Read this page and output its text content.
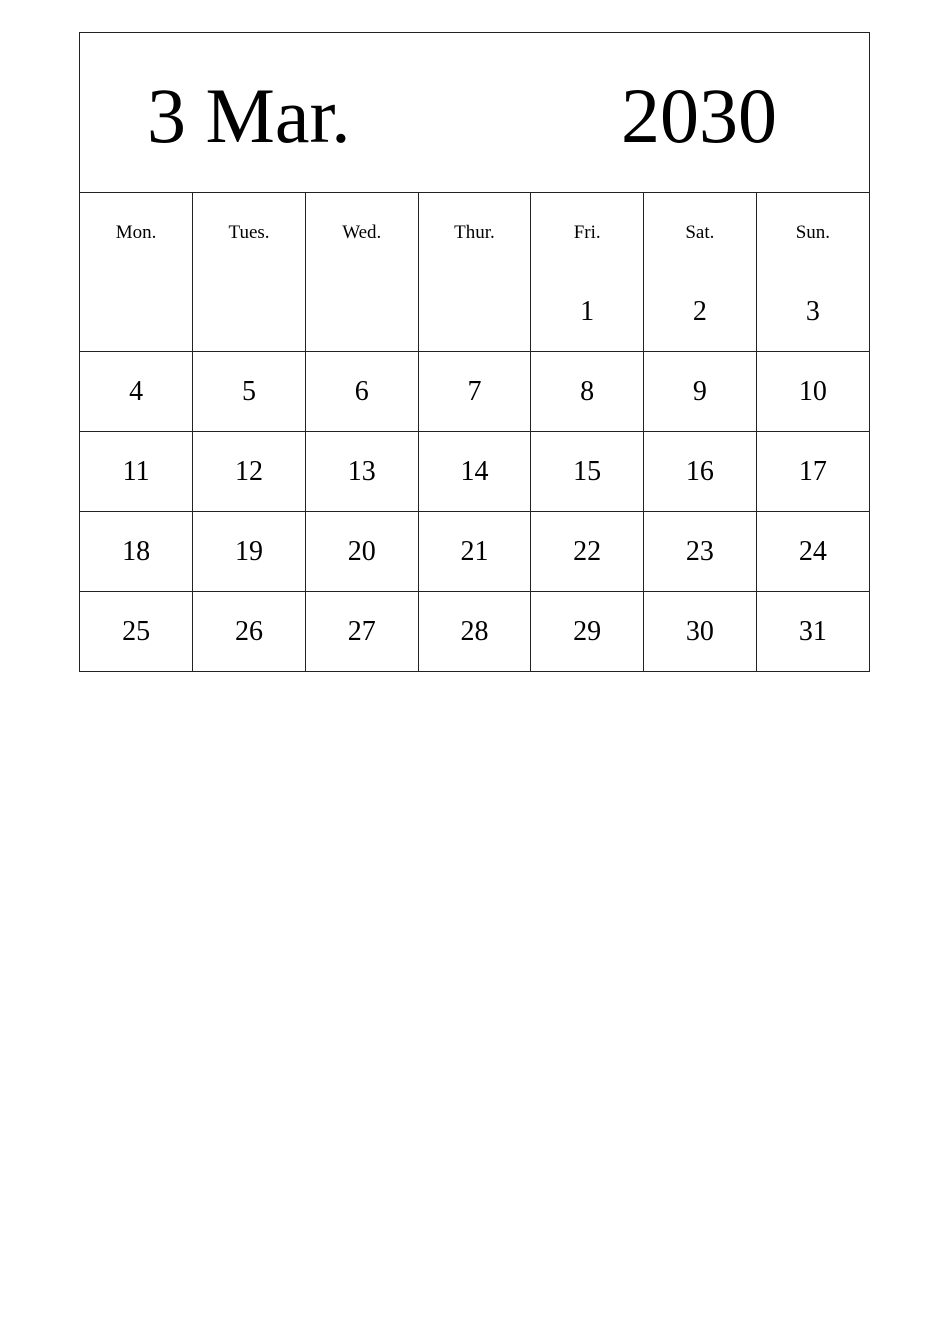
3 Mar.	2030
Mon.	Tues.	Wed.	Thur.	Fri.	Sat.	Sun.
				1	2	3
4	5	6	7	8	9	10
11	12	13	14	15	16	17
18	19	20	21	22	23	24
25	26	27	28	29	30	31
